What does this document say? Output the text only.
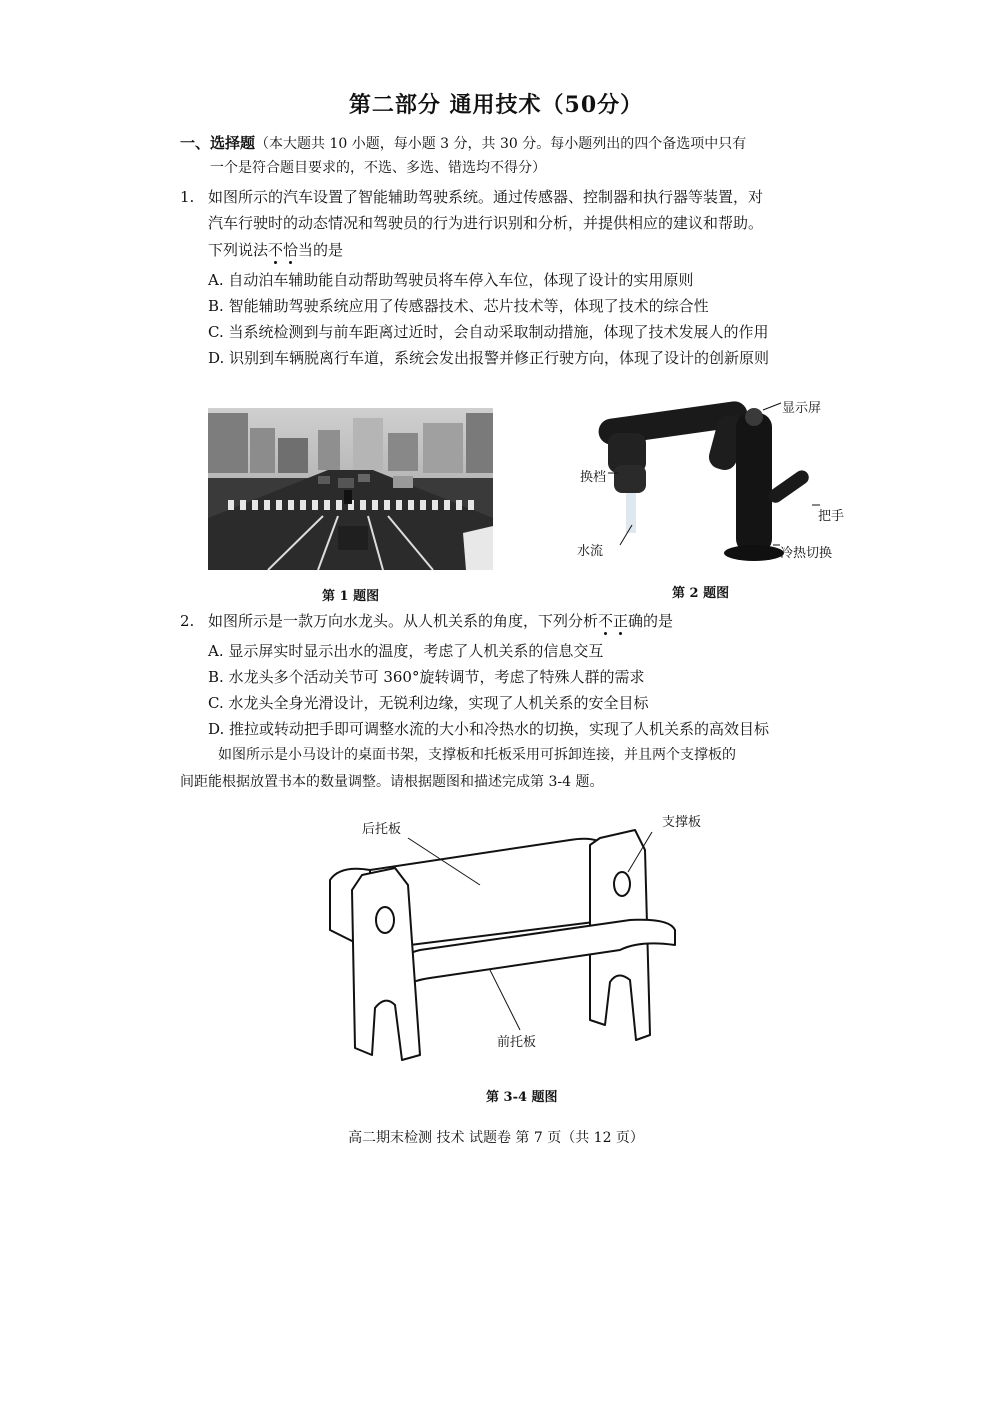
第二部分 通用技术（50分）
一、选择题（本大题共 10 小题，每小题 3 分，共 30 分。每小题列出的四个备选项中只有
一个是符合题目要求的，不选、多选、错选均不得分）
1. 如图所示的汽车设置了智能辅助驾驶系统。通过传感器、控制器和执行器等装置，对
汽车行驶时的动态情况和驾驶员的行为进行识别和分析，并提供相应的建议和帮助。
下列说法不恰当的是
A. 自动泊车辅助能自动帮助驾驶员将车停入车位，体现了设计的实用原则
B. 智能辅助驾驶系统应用了传感器技术、芯片技术等，体现了技术的综合性
C. 当系统检测到与前车距离过近时，会自动采取制动措施，体现了技术发展人的作用
D. 识别到车辆脱离行车道，系统会发出报警并修正行驶方向，体现了设计的创新原则
第 1 题图
显示屏
换档
把手
水流	冷热切换
第 2 题图
2. 如图所示是一款万向水龙头。从人机关系的角度，下列分析不正确的是
A. 显示屏实时显示出水的温度，考虑了人机关系的信息交互
B. 水龙头多个活动关节可 360°旋转调节，考虑了特殊人群的需求
C. 水龙头全身光滑设计，无锐利边缘，实现了人机关系的安全目标
D. 推拉或转动把手即可调整水流的大小和冷热水的切换，实现了人机关系的高效目标
如图所示是小马设计的桌面书架，支撑板和托板采用可拆卸连接，并且两个支撑板的
间距能根据放置书本的数量调整。请根据题图和描述完成第 3-4 题。
后托板	支撑板
前托板
第 3-4 题图
高二期末检测 技术 试题卷 第 7 页（共 12 页）
